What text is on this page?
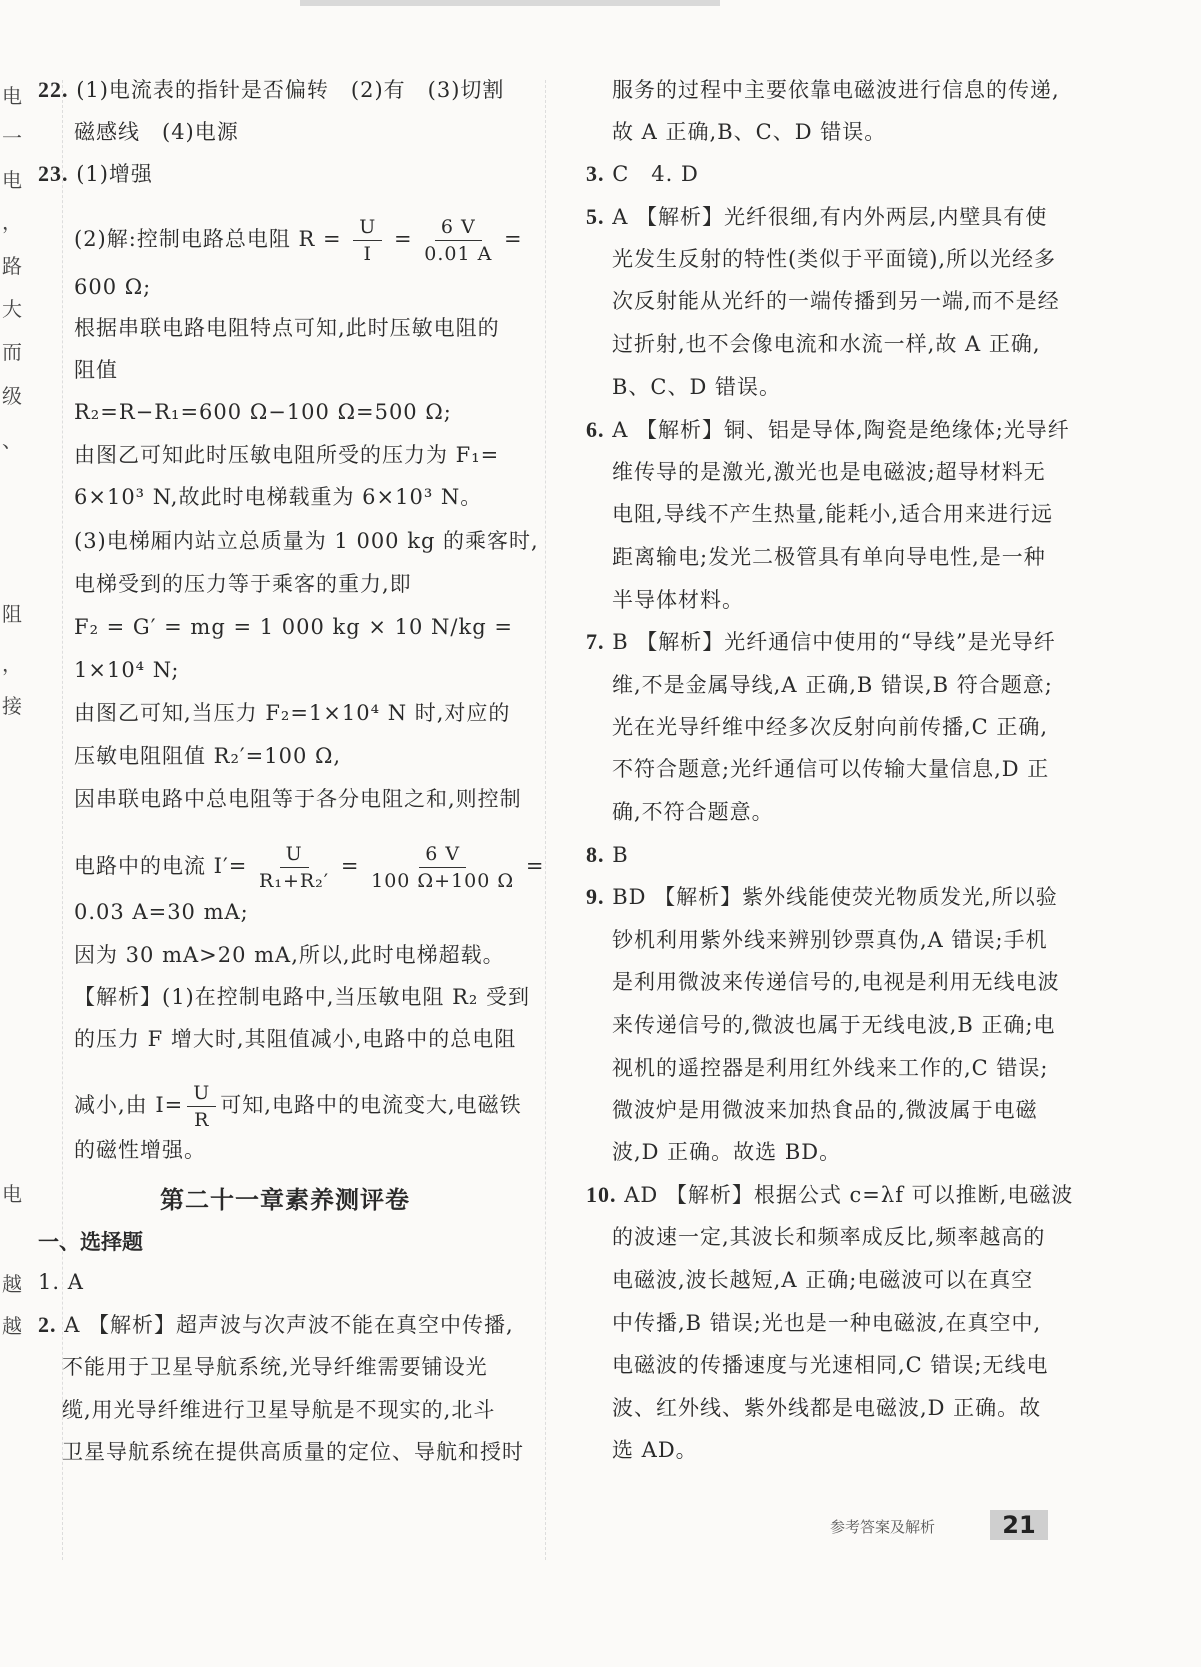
电
一
电
，
路
大
而
级
、
阻
，
接
电
越
越
22. (1)电流表的指针是否偏转　(2)有　(3)切割
磁感线　(4)电源
23. (1)增强
(2)解:控制电路总电阻 $R = \frac{U}{I} = \frac{6 V}{0.01 A}$ =
600 Ω;
根据串联电路电阻特点可知,此时压敏电阻的
阻值
R₂=R−R₁=600 Ω−100 Ω=500 Ω;
由图乙可知此时压敏电阻所受的压力为 F₁=
6×10³ N,故此时电梯载重为 6×10³ N。
(3)电梯厢内站立总质量为 1 000 kg 的乘客时,
电梯受到的压力等于乘客的重力,即
F₂ = G′ = mg = 1 000 kg × 10 N/kg =
1×10⁴ N;
由图乙可知,当压力 F₂=1×10⁴ N 时,对应的
压敏电阻阻值 R₂′=100 Ω,
因串联电路中总电阻等于各分电阻之和,则控制
电路中的电流 $I'= \frac{U}{\text{R₁+R₂′}} = \frac{6 V}{100 \Omega+100 \Omega}$ =
0.03 A=30 mA;
因为 30 mA>20 mA,所以,此时电梯超载。
【解析】(1)在控制电路中,当压敏电阻 R₂ 受到
的压力 F 增大时,其阻值减小,电路中的总电阻
减小,由 $I= \frac{U}{R}$ 可知,电路中的电流变大,电磁铁
的磁性增强。
第二十一章素养测评卷
一、选择题
1. A
2. A 【解析】超声波与次声波不能在真空中传播,
不能用于卫星导航系统,光导纤维需要铺设光
缆,用光导纤维进行卫星导航是不现实的,北斗
卫星导航系统在提供高质量的定位、导航和授时
服务的过程中主要依靠电磁波进行信息的传递,
故 A 正确,B、C、D 错误。
3. C　4. D
5. A 【解析】光纤很细,有内外两层,内壁具有使
光发生反射的特性(类似于平面镜),所以光经多
次反射能从光纤的一端传播到另一端,而不是经
过折射,也不会像电流和水流一样,故 A 正确,
B、C、D 错误。
6. A 【解析】铜、铝是导体,陶瓷是绝缘体;光导纤
维传导的是激光,激光也是电磁波;超导材料无
电阻,导线不产生热量,能耗小,适合用来进行远
距离输电;发光二极管具有单向导电性,是一种
半导体材料。
7. B 【解析】光纤通信中使用的“导线”是光导纤
维,不是金属导线,A 正确,B 错误,B 符合题意;
光在光导纤维中经多次反射向前传播,C 正确,
不符合题意;光纤通信可以传输大量信息,D 正
确,不符合题意。
8. B
9. BD 【解析】紫外线能使荧光物质发光,所以验
钞机利用紫外线来辨别钞票真伪,A 错误;手机
是利用微波来传递信号的,电视是利用无线电波
来传递信号的,微波也属于无线电波,B 正确;电
视机的遥控器是利用红外线来工作的,C 错误;
微波炉是用微波来加热食品的,微波属于电磁
波,D 正确。故选 BD。
10. AD 【解析】根据公式 c=λf 可以推断,电磁波
的波速一定,其波长和频率成反比,频率越高的
电磁波,波长越短,A 正确;电磁波可以在真空
中传播,B 错误;光也是一种电磁波,在真空中,
电磁波的传播速度与光速相同,C 错误;无线电
波、红外线、紫外线都是电磁波,D 正确。故
选 AD。
参考答案及解析	21
